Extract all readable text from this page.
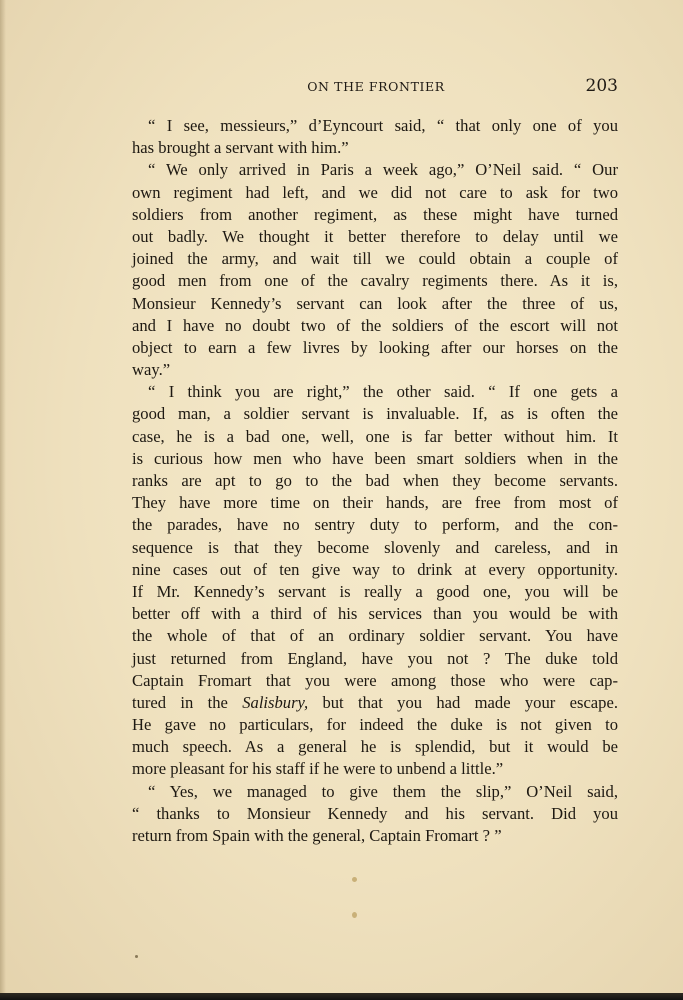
ON THE FRONTIER	203
“ I see, messieurs,” d’Eyncourt said, “ that only one of you
has brought a servant with him.”
“ We only arrived in Paris a week ago,” O’Neil said. “ Our
own regiment had left, and we did not care to ask for two
soldiers from another regiment, as these might have turned
out badly. We thought it better therefore to delay until we
joined the army, and wait till we could obtain a couple of
good men from one of the cavalry regiments there. As it is,
Monsieur Kennedy’s servant can look after the three of us,
and I have no doubt two of the soldiers of the escort will not
object to earn a few livres by looking after our horses on the
way.”
“ I think you are right,” the other said. “ If one gets a
good man, a soldier servant is invaluable. If, as is often the
case, he is a bad one, well, one is far better without him. It
is curious how men who have been smart soldiers when in the
ranks are apt to go to the bad when they become servants.
They have more time on their hands, are free from most of
the parades, have no sentry duty to perform, and the con-
sequence is that they become slovenly and careless, and in
nine cases out of ten give way to drink at every opportunity.
If Mr. Kennedy’s servant is really a good one, you will be
better off with a third of his services than you would be with
the whole of that of an ordinary soldier servant. You have
just returned from England, have you not ? The duke told
Captain Fromart that you were among those who were cap-
tured in the Salisbury, but that you had made your escape.
He gave no particulars, for indeed the duke is not given to
much speech. As a general he is splendid, but it would be
more pleasant for his staff if he were to unbend a little.”
“ Yes, we managed to give them the slip,” O’Neil said,
“ thanks to Monsieur Kennedy and his servant. Did you
return from Spain with the general, Captain Fromart ? ”
